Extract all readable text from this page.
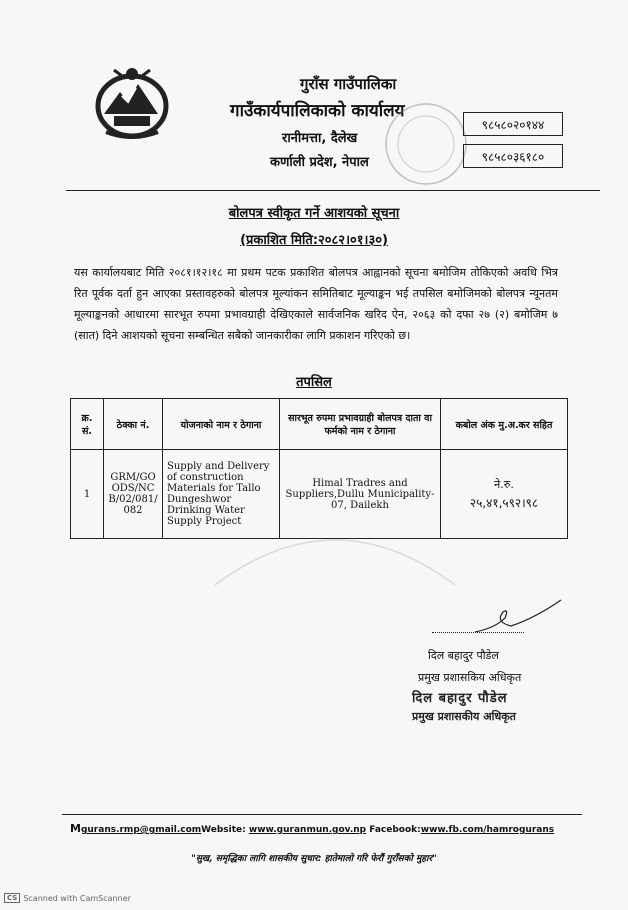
गुराँस गाउँपालिका
गाउँकार्यपालिकाको कार्यालय
रानीमत्ता, दैलेख
कर्णाली प्रदेश, नेपाल
९८५८०२०१४४
९८५८०३६१८०
बोलपत्र स्वीकृत गर्ने आशयको सूचना
(प्रकाशित मिति:२०८२।०१।३०)
यस कार्यालयबाट मिति २०८१।१२।१८ मा प्रथम पटक प्रकाशित बोलपत्र आह्वानको सूचना बमोजिम तोकिएको अवधि भित्र रित पूर्वक दर्ता हुन आएका प्रस्तावहरुको बोलपत्र मूल्यांकन समितिबाट मूल्याङ्कन भई तपसिल बमोजिमको बोलपत्र न्यूनतम मूल्याङ्कनको आधारमा सारभूत रुपमा प्रभावग्राही देखिएकाले सार्वजनिक खरिद ऐन, २०६३ को दफा २७ (२) बमोजिम ७ (सात) दिने आशयको सूचना सम्बन्धित सबैको जानकारीका लागि प्रकाशन गरिएको छ।
तपसिल
क्र. सं.	ठेक्का नं.	योजनाको नाम र ठेगाना	सारभूत रुपमा प्रभावग्राही बोलपत्र दाता वा फर्मको नाम र ठेगाना	कबोल अंक मु.अ.कर सहित
1	GRM/GOODS/NCB/02/081/082	Supply and Delivery of construction Materials for Tallo Dungeshwor Drinking Water Supply Project	Himal Tradres and Suppliers,Dullu Municipality-07, Dailekh	ने.रु.
२५,४१,५९२।९८
दिल बहादुर पौडेल
प्रमुख प्रशासकिय अधिकृत
दिल बहादुर पौडेल
प्रमुख प्रशासकीय अधिकृत
Mgurans.rmp@gmail.comWebsite: www.guranmun.gov.np Facebook:www.fb.com/hamrogurans
"सुख, समृद्धिका लागि शासकीय सुधार: हातेमालो गरि फेरौं गुराँसको मुहार"
CS Scanned with CamScanner
